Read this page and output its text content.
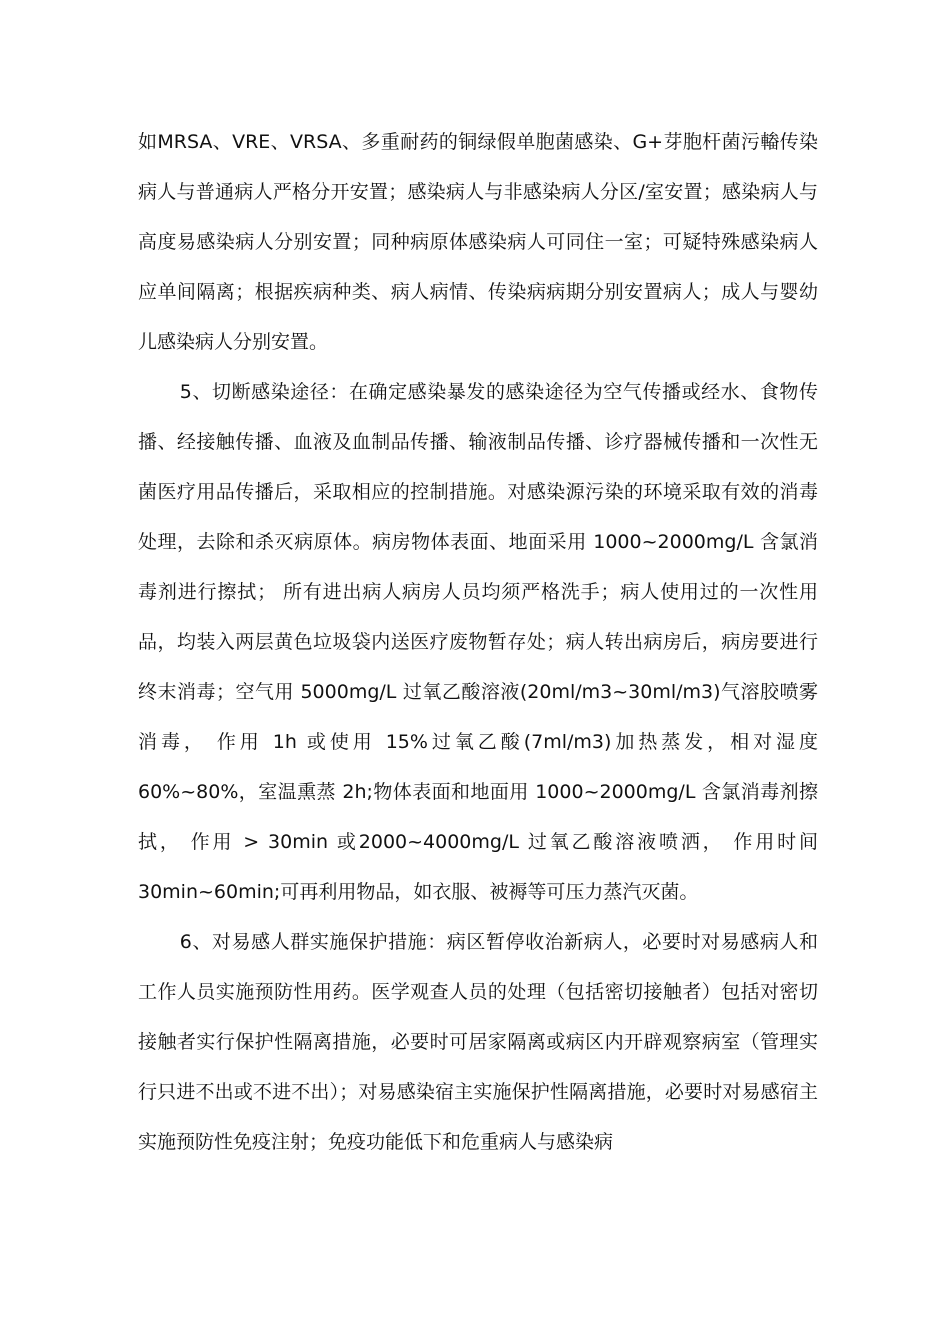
如MRSA、VRE、VRSA、多重耐药的铜绿假单胞菌感染、G+芽胞杆菌污輽传染病人与普通病人严格分开安置；感染病人与非感染病人分区/室安置；感染病人与高度易感染病人分别安置；同种病原体感染病人可同住一室；可疑特殊感染病人应单间隔离；根据疾病种类、病人病情、传染病病期分别安置病人；成人与婴幼儿感染病人分别安置。

5、切断感染途径：在确定感染暴发的感染途径为空气传播或经水、食物传播、经接触传播、血液及血制品传播、输液制品传播、诊疗器械传播和一次性无菌医疗用品传播后，采取相应的控制措施。对感染源污染的环境采取有效的消毒处理，去除和杀灭病原体。病房物体表面、地面采用 1000~2000mg/L 含氯消毒剂进行擦拭； 所有进出病人病房人员均须严格洗手；病人使用过的一次性用品，均装入两层黄色垃圾袋内送医疗废物暂存处；病人转出病房后，病房要进行终末消毒；空气用 5000mg/L 过氧乙酸溶液(20ml/m3~30ml/m3)气溶胶喷雾消毒， 作用 1h 或使用 15%过氧乙酸(7ml/m3)加热蒸发，相对湿度 60%~80%，室温熏蒸 2h;物体表面和地面用 1000~2000mg/L 含氯消毒剂擦拭， 作用 > 30min 或2000~4000mg/L 过氧乙酸溶液喷洒， 作用时间 30min~60min;可再利用物品，如衣服、被褥等可压力蒸汽灭菌。

6、对易感人群实施保护措施：病区暂停收治新病人，必要时对易感病人和工作人员实施预防性用药。医学观查人员的处理（包括密切接触者）包括对密切接触者实行保护性隔离措施，必要时可居家隔离或病区内开辟观察病室（管理实行只进不出或不进不出）；对易感染宿主实施保护性隔离措施，必要时对易感宿主实施预防性免疫注射；免疫功能低下和危重病人与感染病
